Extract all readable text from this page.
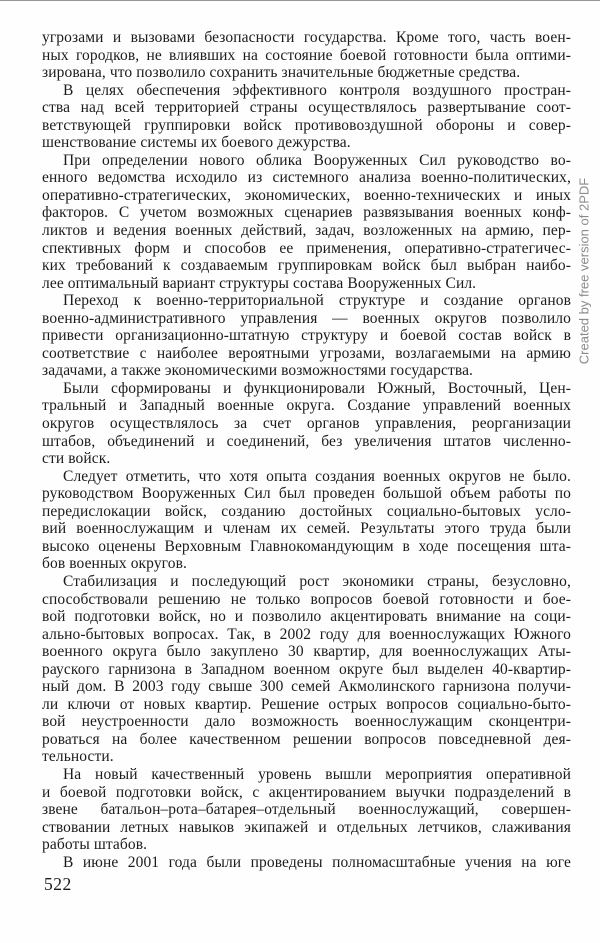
угрозами и вызовами безопасности государства. Кроме того, часть воен-
ных городков, не влиявших на состояние боевой готовности была оптими-
зирована, что позволило сохранить значительные бюджетные средства.
В целях обеспечения эффективного контроля воздушного простран-
ства над всей территорией страны осуществлялось развертывание соот-
ветствующей группировки войск противовоздушной обороны и совер-
шенствование системы их боевого дежурства.
При определении нового облика Вооруженных Сил руководство во-
енного ведомства исходило из системного анализа военно-политических,
оперативно-стратегических, экономических, военно-технических и иных
факторов. С учетом возможных сценариев развязывания военных конф-
ликтов и ведения военных действий, задач, возложенных на армию, пер-
спективных форм и способов ее применения, оперативно-стратегичес-
ких требований к создаваемым группировкам войск был выбран наибо-
лее оптимальный вариант структуры состава Вооруженных Сил.
Переход к военно-территориальной структуре и создание органов
военно-административного управления — военных округов позволило
привести организационно-штатную структуру и боевой состав войск в
соответствие с наиболее вероятными угрозами, возлагаемыми на армию
задачами, а также экономическими возможностями государства.
Были сформированы и функционировали Южный, Восточный, Цен-
тральный и Западный военные округа. Создание управлений военных
округов осуществлялось за счет органов управления, реорганизации
штабов, объединений и соединений, без увеличения штатов численно-
сти войск.
Следует отметить, что хотя опыта создания военных округов не было.
руководством Вооруженных Сил был проведен большой объем работы по
передислокации войск, созданию достойных социально-бытовых усло-
вий военнослужащим и членам их семей. Результаты этого труда были
высоко оценены Верховным Главнокомандующим в ходе посещения шта-
бов военных округов.
Стабилизация и последующий рост экономики страны, безусловно,
способствовали решению не только вопросов боевой готовности и бое-
вой подготовки войск, но и позволило акцентировать внимание на соци-
ально-бытовых вопросах. Так, в 2002 году для военнослужащих Южного
военного округа было закуплено 30 квартир, для военнослужащих Аты-
рауского гарнизона в Западном военном округе был выделен 40-квартир-
ный дом. В 2003 году свыше 300 семей Акмолинского гарнизона получи-
ли ключи от новых квартир. Решение острых вопросов социально-быто-
вой неустроенности дало возможность военнослужащим сконцентри-
роваться на более качественном решении вопросов повседневной дея-
тельности.
На новый качественный уровень вышли мероприятия оперативной
и боевой подготовки войск, с акцентированием выучки подразделений в
звене батальон–рота–батарея–отдельный военнослужащий, совершен-
ствовании летных навыков экипажей и отдельных летчиков, слаживания
работы штабов.
В июне 2001 года были проведены полномасштабные учения на юге
522
Created by free version of 2PDF
